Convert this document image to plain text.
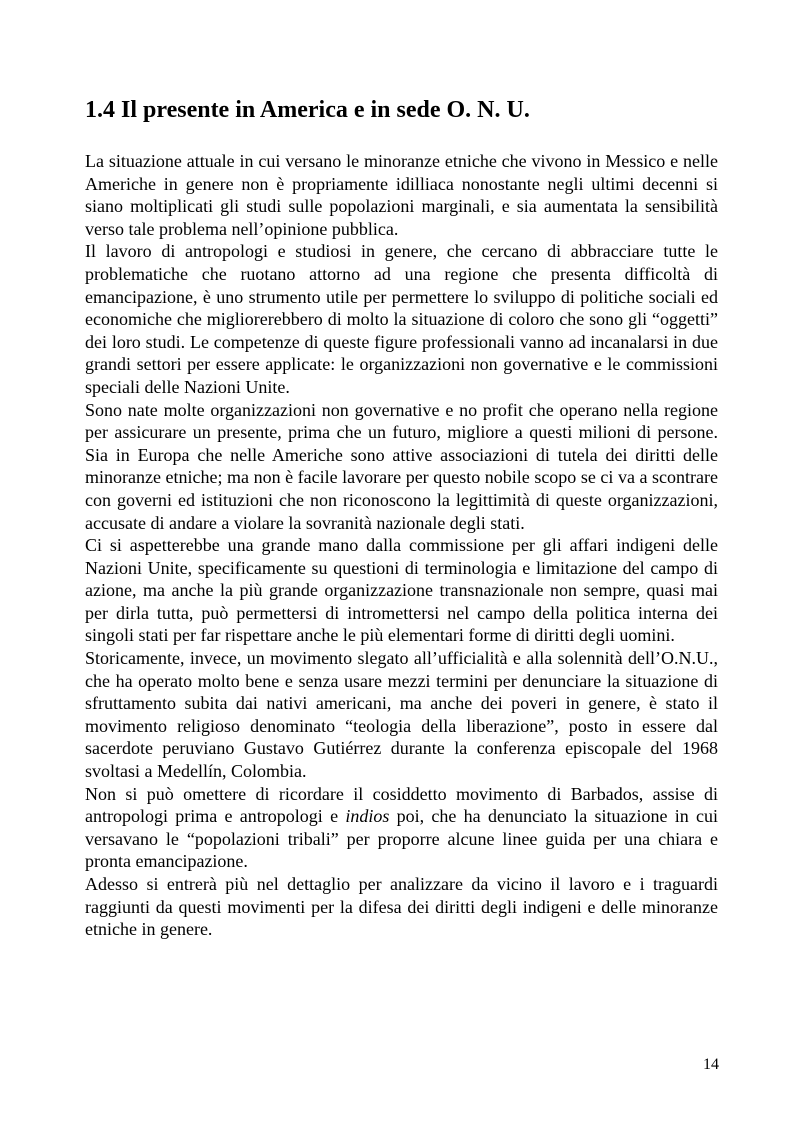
1.4 Il presente in America e in sede O. N. U.

La situazione attuale in cui versano le minoranze etniche che vivono in Messico e nelle Americhe in genere non è propriamente idilliaca nonostante negli ultimi decenni si siano moltiplicati gli studi sulle popolazioni marginali, e sia aumentata la sensibilità verso tale problema nell’opinione pubblica.

Il lavoro di antropologi e studiosi in genere, che cercano di abbracciare tutte le problematiche che ruotano attorno ad una regione che presenta difficoltà di emancipazione, è uno strumento utile per permettere lo sviluppo di politiche sociali ed economiche che migliorerebbero di molto la situazione di coloro che sono gli “oggetti” dei loro studi. Le competenze di queste figure professionali vanno ad incanalarsi in due grandi settori per essere applicate: le organizzazioni non governative e le commissioni speciali delle Nazioni Unite.

Sono nate molte organizzazioni non governative e no profit che operano nella regione per assicurare un presente, prima che un futuro, migliore a questi milioni di persone. Sia in Europa che nelle Americhe sono attive associazioni di tutela dei diritti delle minoranze etniche; ma non è facile lavorare per questo nobile scopo se ci va a scontrare con governi ed istituzioni che non riconoscono la legittimità di queste organizzazioni, accusate di andare a violare la sovranità nazionale degli stati.

Ci si aspetterebbe una grande mano dalla commissione per gli affari indigeni delle Nazioni Unite, specificamente su questioni di terminologia e limitazione del campo di azione, ma anche la più grande organizzazione transnazionale non sempre, quasi mai per dirla tutta, può permettersi di intromettersi nel campo della politica interna dei singoli stati per far rispettare anche le più elementari forme di diritti degli uomini.

Storicamente, invece, un movimento slegato all’ufficialità e alla solennità dell’O.N.U., che ha operato molto bene e senza usare mezzi termini per denunciare la situazione di sfruttamento subita dai nativi americani, ma anche dei poveri in genere, è stato il movimento religioso denominato “teologia della liberazione”, posto in essere dal sacerdote peruviano Gustavo Gutiérrez durante la conferenza episcopale del 1968 svoltasi a Medellín, Colombia.

Non si può omettere di ricordare il cosiddetto movimento di Barbados, assise di antropologi prima e antropologi e indios poi, che ha denunciato la situazione in cui versavano le “popolazioni tribali” per proporre alcune linee guida per una chiara e pronta emancipazione.

Adesso si entrerà più nel dettaglio per analizzare da vicino il lavoro e i traguardi raggiunti da questi movimenti per la difesa dei diritti degli indigeni e delle minoranze etniche in genere.

14
